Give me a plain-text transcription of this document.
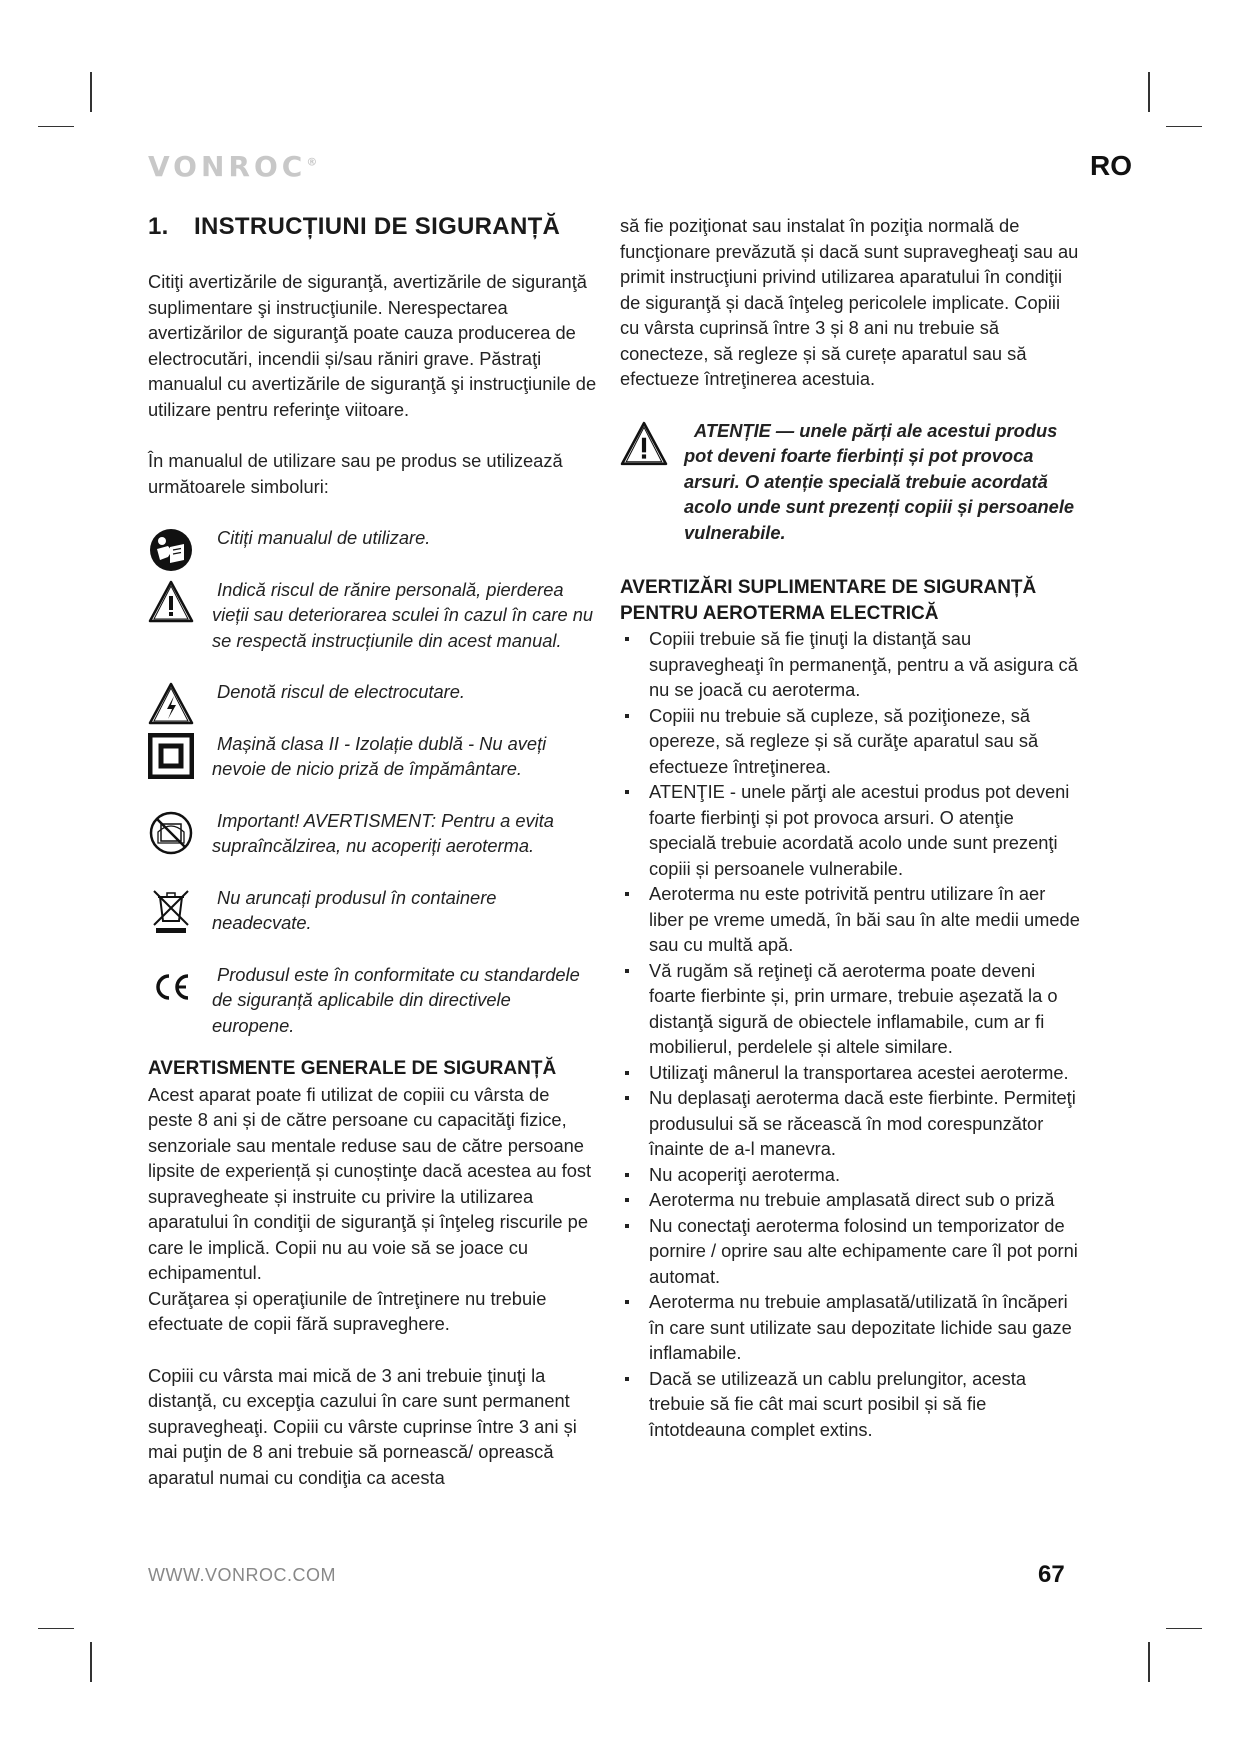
VONROC®	RO
1. INSTRUCȚIUNI DE SIGURANȚĂ

Citiţi avertizările de siguranţă, avertizările de siguranţă suplimentare şi instrucţiunile. Nerespectarea avertizărilor de siguranţă poate cauza producerea de electrocutări, incendii și/sau răniri grave. Păstraţi manualul cu avertizările de siguranţă şi instrucţiunile de utilizare pentru referinţe viitoare.

În manualul de utilizare sau pe produs se utilizează următoarele simboluri:

Citiți manualul de utilizare.
Indică riscul de rănire personală, pierderea vieții sau deteriorarea sculei în cazul în care nu se respectă instrucțiunile din acest manual.
Denotă riscul de electrocutare.
Mașină clasa II - Izolație dublă - Nu aveți nevoie de nicio priză de împământare.
Important! AVERTISMENT: Pentru a evita supraîncălzirea, nu acoperiți aeroterma.
Nu aruncați produsul în containere neadecvate.
Produsul este în conformitate cu standardele de siguranță aplicabile din directivele europene.
AVERTISMENTE GENERALE DE SIGURANȚĂ

Acest aparat poate fi utilizat de copiii cu vârsta de peste 8 ani și de către persoane cu capacităţi fizice, senzoriale sau mentale reduse sau de către persoane lipsite de experiență și cunoștinţe dacă acestea au fost supravegheate și instruite cu privire la utilizarea aparatului în condiţii de siguranţă și înţeleg riscurile pe care le implică. Copii nu au voie să se joace cu echipamentul.

Curăţarea și operaţiunile de întreţinere nu trebuie efectuate de copii fără supraveghere.

Copiii cu vârsta mai mică de 3 ani trebuie ţinuţi la distanţă, cu excepţia cazului în care sunt permanent supravegheaţi. Copiii cu vârste cuprinse între 3 ani și mai puţin de 8 ani trebuie să pornească/ oprească aparatul numai cu condiţia ca acesta

să fie poziţionat sau instalat în poziţia normală de funcţionare prevăzută și dacă sunt supravegheaţi sau au primit instrucţiuni privind utilizarea aparatului în condiţii de siguranţă și dacă înţeleg pericolele implicate. Copiii cu vârsta cuprinsă între 3 și 8 ani nu trebuie să conecteze, să regleze și să curețe aparatul sau să efectueze întreţinerea acestuia.

ATENȚIE — unele părți ale acestui produs pot deveni foarte fierbinți și pot provoca arsuri. O atenție specială trebuie acordată acolo unde sunt prezenți copiii și persoanele vulnerabile.
AVERTIZĂRI SUPLIMENTARE DE SIGURANȚĂ PENTRU AEROTERMA ELECTRICĂ
Copiii trebuie să fie ţinuţi la distanţă sau supravegheaţi în permanenţă, pentru a vă asigura că nu se joacă cu aeroterma.
Copiii nu trebuie să cupleze, să poziţioneze, să opereze, să regleze și să curăţe aparatul sau să efectueze întreţinerea.
ATENŢIE - unele părţi ale acestui produs pot deveni foarte fierbinţi și pot provoca arsuri. O atenţie specială trebuie acordată acolo unde sunt prezenţi copiii și persoanele vulnerabile.
Aeroterma nu este potrivită pentru utilizare în aer liber pe vreme umedă, în băi sau în alte medii umede sau cu multă apă.
Vă rugăm să reţineţi că aeroterma poate deveni foarte fierbinte și, prin urmare, trebuie așezată la o distanţă sigură de obiectele inflamabile, cum ar fi mobilierul, perdelele și altele similare.
Utilizaţi mânerul la transportarea acestei aeroterme.
Nu deplasaţi aeroterma dacă este fierbinte. Permiteţi produsului să se răcească în mod corespunzător înainte de a-l manevra.
Nu acoperiţi aeroterma.
Aeroterma nu trebuie amplasată direct sub o priză
Nu conectaţi aeroterma folosind un temporizator de pornire / oprire sau alte echipamente care îl pot porni automat.
Aeroterma nu trebuie amplasată/utilizată în încăperi în care sunt utilizate sau depozitate lichide sau gaze inflamabile.
Dacă se utilizează un cablu prelungitor, acesta trebuie să fie cât mai scurt posibil și să fie întotdeauna complet extins.
WWW.VONROC.COM	67
